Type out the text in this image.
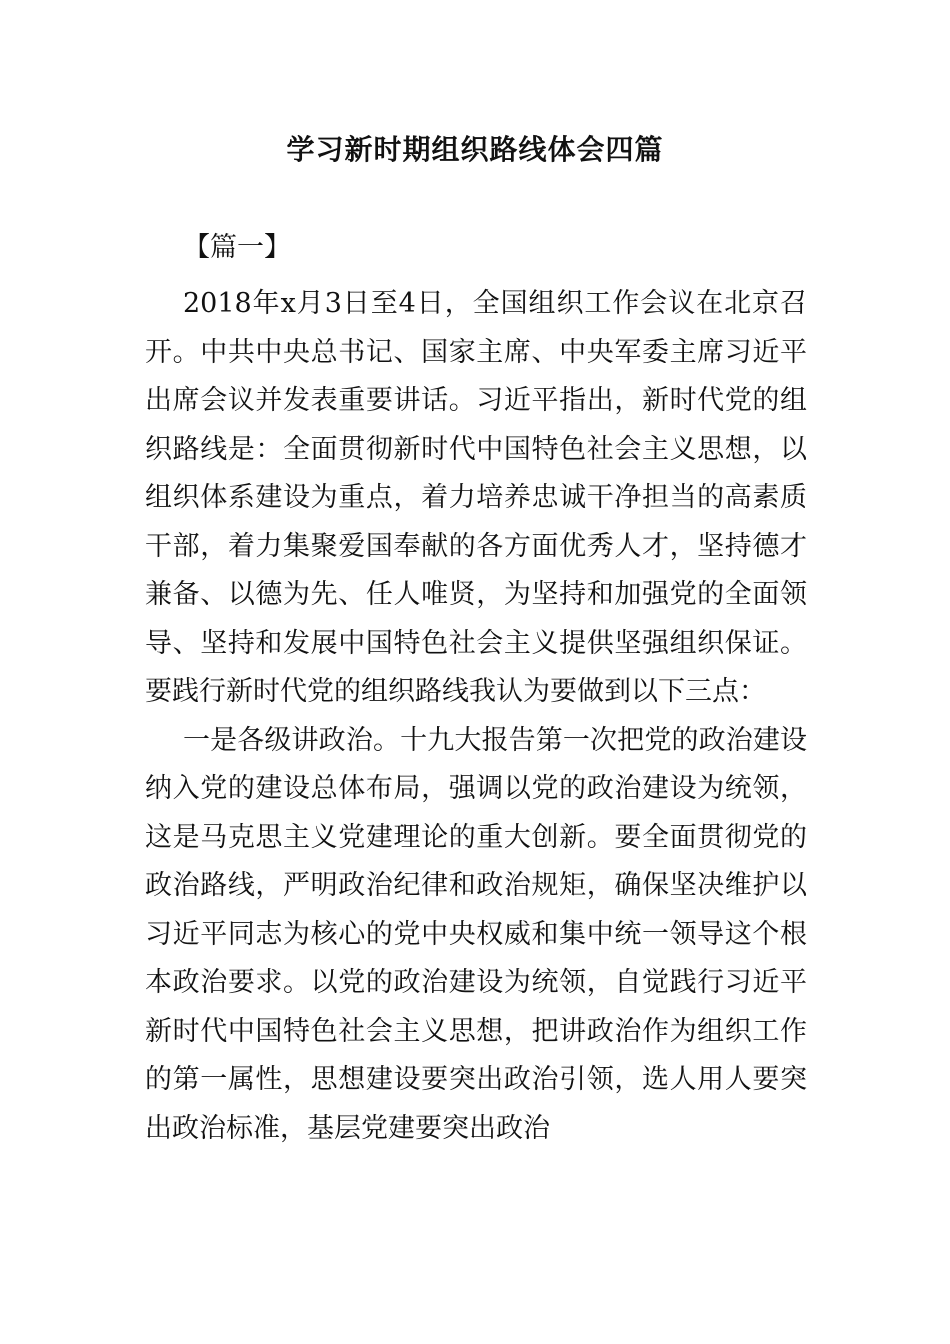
学习新时期组织路线体会四篇
【篇一】

2018年x月3日至4日，全国组织工作会议在北京召开。中共中央总书记、国家主席、中央军委主席习近平出席会议并发表重要讲话。习近平指出，新时代党的组织路线是：全面贯彻新时代中国特色社会主义思想，以组织体系建设为重点，着力培养忠诚干净担当的高素质干部，着力集聚爱国奉献的各方面优秀人才，坚持德才兼备、以德为先、任人唯贤，为坚持和加强党的全面领导、坚持和发展中国特色社会主义提供坚强组织保证。要践行新时代党的组织路线我认为要做到以下三点：

一是各级讲政治。十九大报告第一次把党的政治建设纳入党的建设总体布局，强调以党的政治建设为统领，这是马克思主义党建理论的重大创新。要全面贯彻党的政治路线，严明政治纪律和政治规矩，确保坚决维护以习近平同志为核心的党中央权威和集中统一领导这个根本政治要求。以党的政治建设为统领，自觉践行习近平新时代中国特色社会主义思想，把讲政治作为组织工作的第一属性，思想建设要突出政治引领，选人用人要突出政治标准，基层党建要突出政治
